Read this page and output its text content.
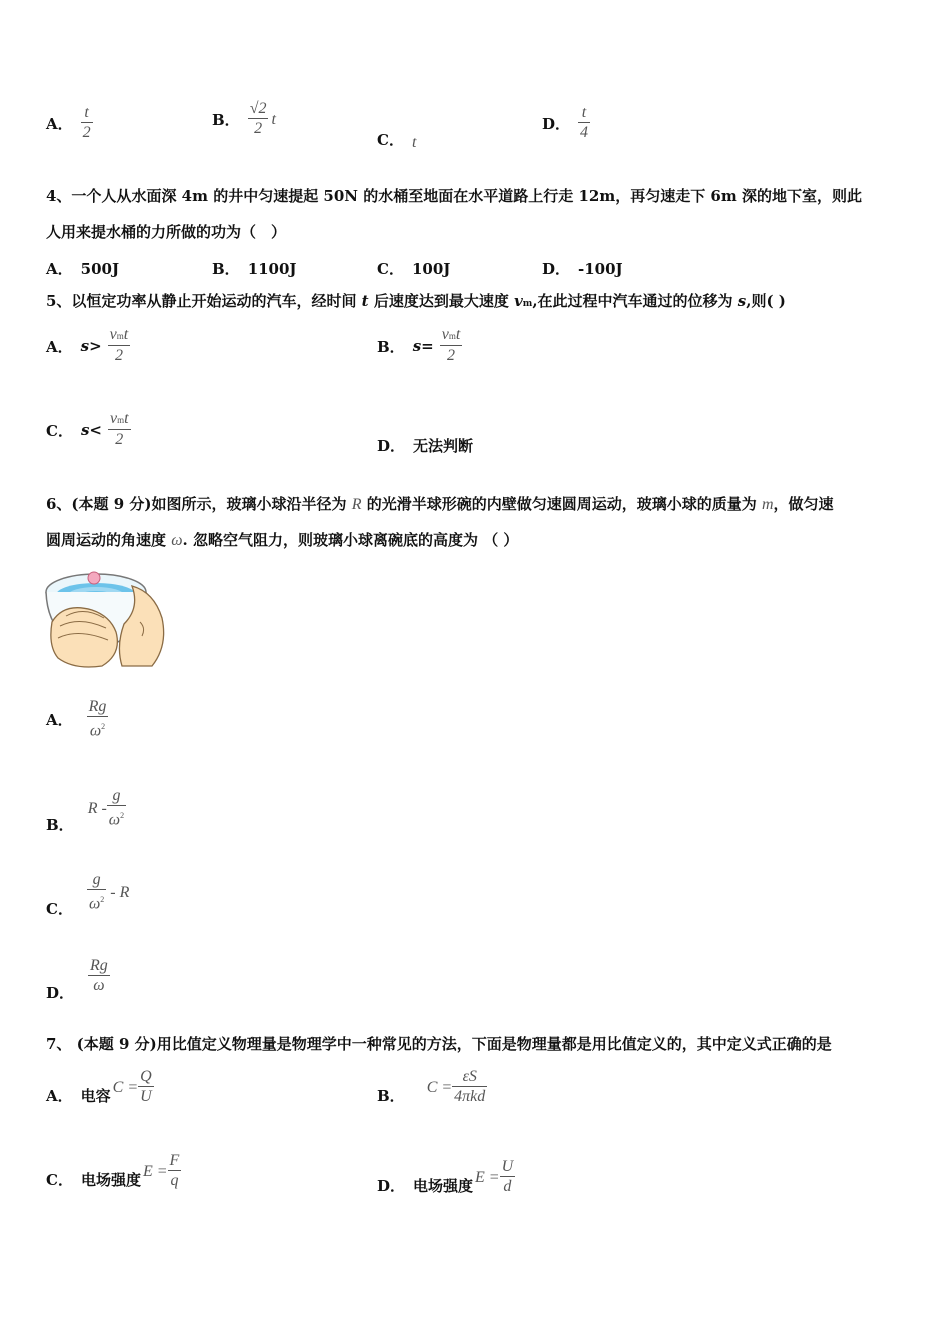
A． $\frac{t}{2}$	B． $\frac{√2}{2}$ t
C． t
D． $\frac{t}{4}$
4、一个人从水面深 4m 的井中匀速提起 50N 的水桶至地面在水平道路上行走 12m，再匀速走下 6m 深的地下室，则此
人用来提水桶的力所做的功为（　）
A． 500J	B． 1100J	C． 100J	D． -100J
5、以恒定功率从静止开始运动的汽车，经时间 t 后速度达到最大速度 vm,在此过程中汽车通过的位移为 s,则( )
A． $s > \frac{\text{vmt}}{2}$	B． $s = \frac{\text{vmt}}{2}$
C． $s < \frac{\text{vmt}}{2}$	D． 无法判断
6、(本题 9 分)如图所示，玻璃小球沿半径为 R 的光滑半球形碗的内壁做匀速圆周运动，玻璃小球的质量为 m，做匀速
圆周运动的角速度 ω. 忽略空气阻力，则玻璃小球离碗底的高度为 （ ）
A． $\frac{Rg}{\omega^2}$
B．
R - $\frac{g}{\omega^2}$
C． $\frac{g}{\omega^2}$ - R
D． $\frac{Rg}{\omega}$
7、 (本题 9 分)用比值定义物理量是物理学中一种常见的方法，下面是物理量都是用比值定义的，其中定义式正确的是
A． 电容 $C = \frac{Q}{U}$	B． $C = \frac{\varepsilon S}{\text{4πkd}}$
C． 电场强度 $E = \frac{F}{q}$	D． 电场强度 $E = \frac{U}{d}$
